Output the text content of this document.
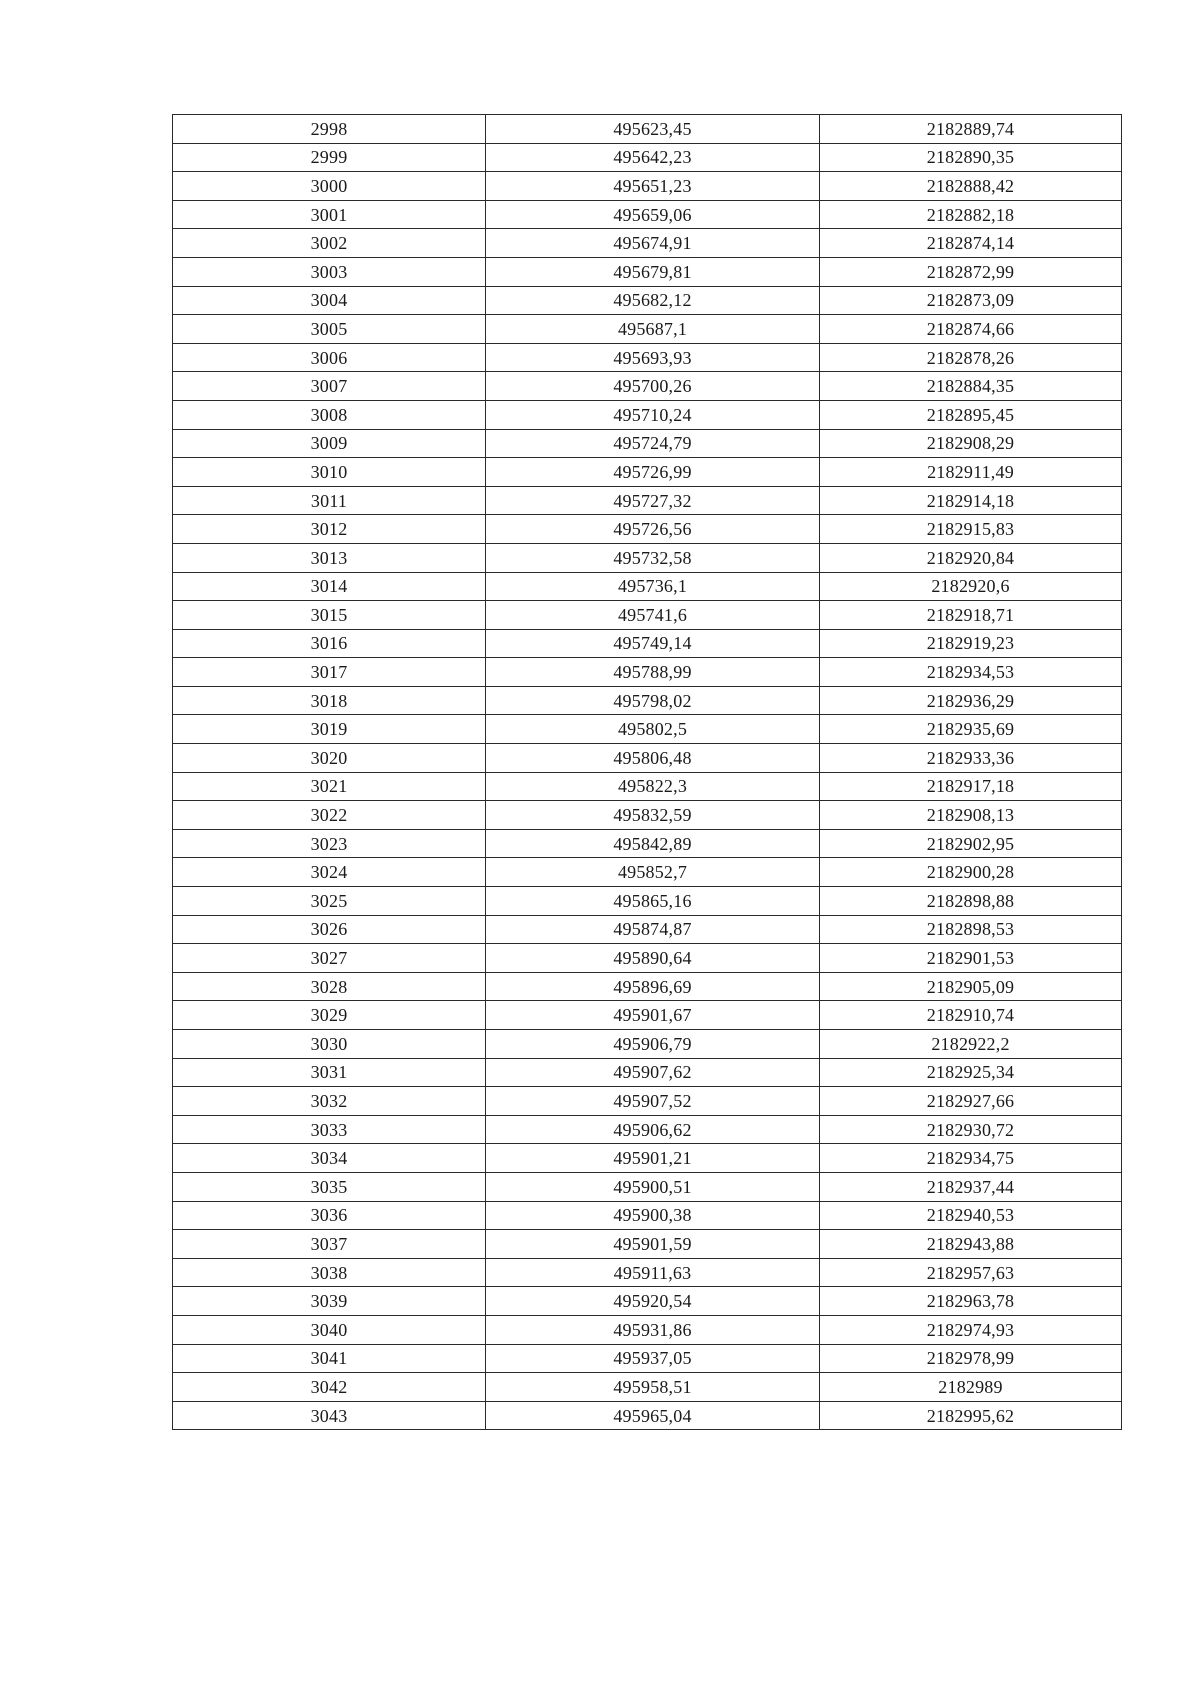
2998	495623,45	2182889,74
2999	495642,23	2182890,35
3000	495651,23	2182888,42
3001	495659,06	2182882,18
3002	495674,91	2182874,14
3003	495679,81	2182872,99
3004	495682,12	2182873,09
3005	495687,1	2182874,66
3006	495693,93	2182878,26
3007	495700,26	2182884,35
3008	495710,24	2182895,45
3009	495724,79	2182908,29
3010	495726,99	2182911,49
3011	495727,32	2182914,18
3012	495726,56	2182915,83
3013	495732,58	2182920,84
3014	495736,1	2182920,6
3015	495741,6	2182918,71
3016	495749,14	2182919,23
3017	495788,99	2182934,53
3018	495798,02	2182936,29
3019	495802,5	2182935,69
3020	495806,48	2182933,36
3021	495822,3	2182917,18
3022	495832,59	2182908,13
3023	495842,89	2182902,95
3024	495852,7	2182900,28
3025	495865,16	2182898,88
3026	495874,87	2182898,53
3027	495890,64	2182901,53
3028	495896,69	2182905,09
3029	495901,67	2182910,74
3030	495906,79	2182922,2
3031	495907,62	2182925,34
3032	495907,52	2182927,66
3033	495906,62	2182930,72
3034	495901,21	2182934,75
3035	495900,51	2182937,44
3036	495900,38	2182940,53
3037	495901,59	2182943,88
3038	495911,63	2182957,63
3039	495920,54	2182963,78
3040	495931,86	2182974,93
3041	495937,05	2182978,99
3042	495958,51	2182989
3043	495965,04	2182995,62
